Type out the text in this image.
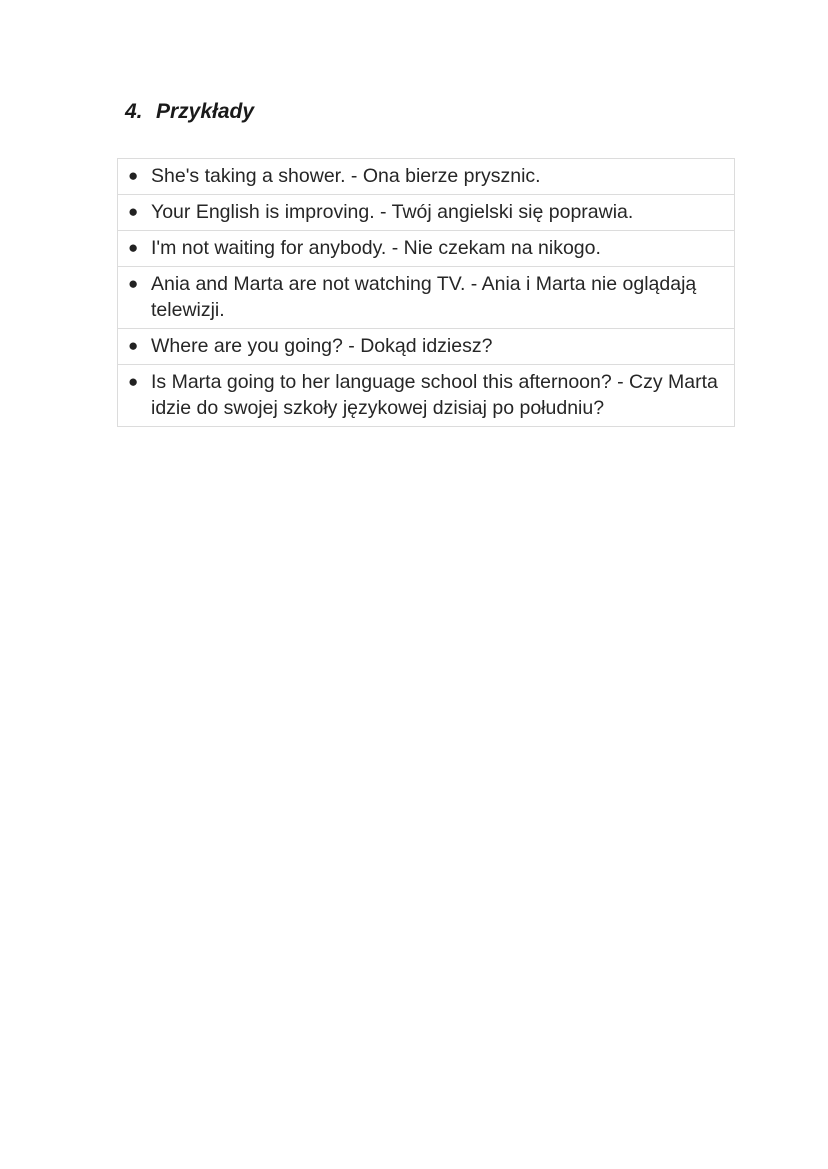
4. Przykłady
● She's taking a shower. - Ona bierze prysznic.

● Your English is improving. - Twój angielski się poprawia.

● I'm not waiting for anybody. - Nie czekam na nikogo.

● Ania and Marta are not watching TV. - Ania i Marta nie oglądają telewizji.

● Where are you going? - Dokąd idziesz?

● Is Marta going to her language school this afternoon? - Czy Marta idzie do swojej szkoły językowej dzisiaj po południu?
